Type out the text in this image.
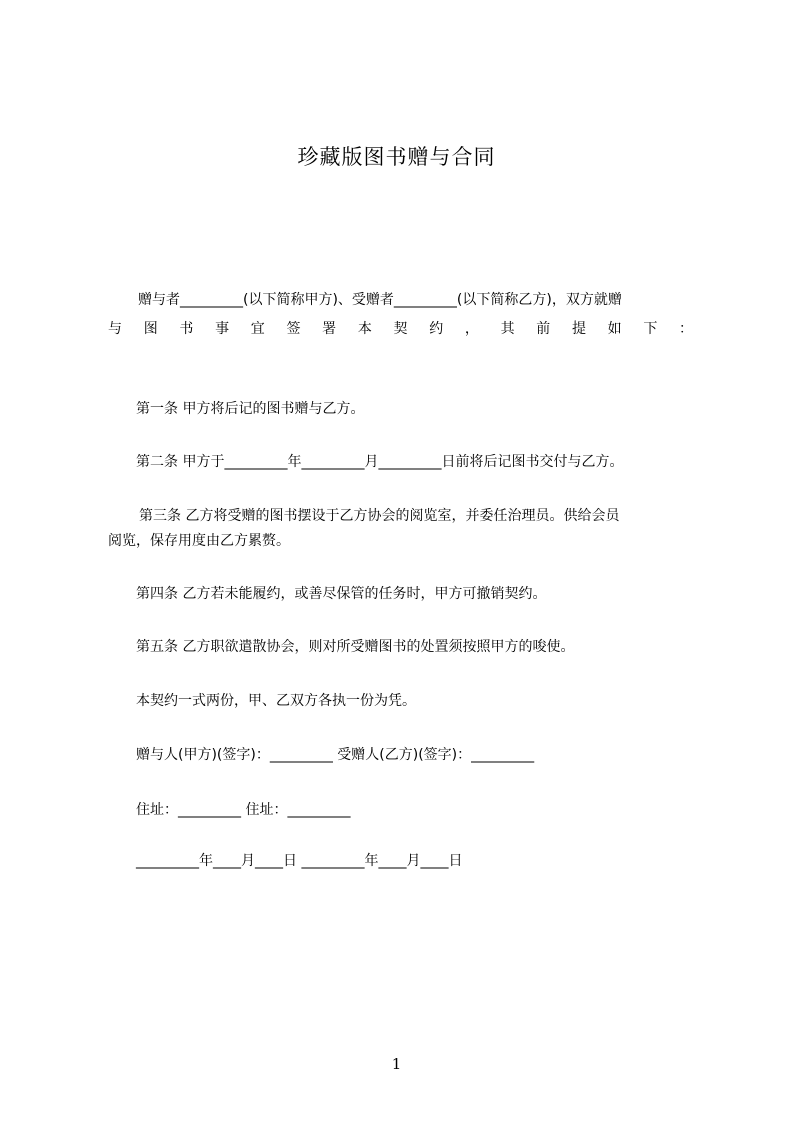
珍藏版图书赠与合同
赠与者_________(以下简称甲方)、受赠者_________(以下简称乙方)，双方就赠
与 图 书 事 宜 签 署 本 契 约 ， 其 前 提 如 下 ：
第一条 甲方将后记的图书赠与乙方。
第二条 甲方于_________年_________月_________日前将后记图书交付与乙方。
第三条 乙方将受赠的图书摆设于乙方协会的阅览室，并委任治理员。供给会员
阅览，保存用度由乙方累赘。
第四条 乙方若未能履约，或善尽保管的任务时，甲方可撤销契约。
第五条 乙方职欲遣散协会，则对所受赠图书的处置须按照甲方的唆使。
本契约一式两份，甲、乙双方各执一份为凭。
赠与人(甲方)(签字)：_________ 受赠人(乙方)(签字)：_________
住址：_________ 住址：_________
_________年____月____日 _________年____月____日
1
